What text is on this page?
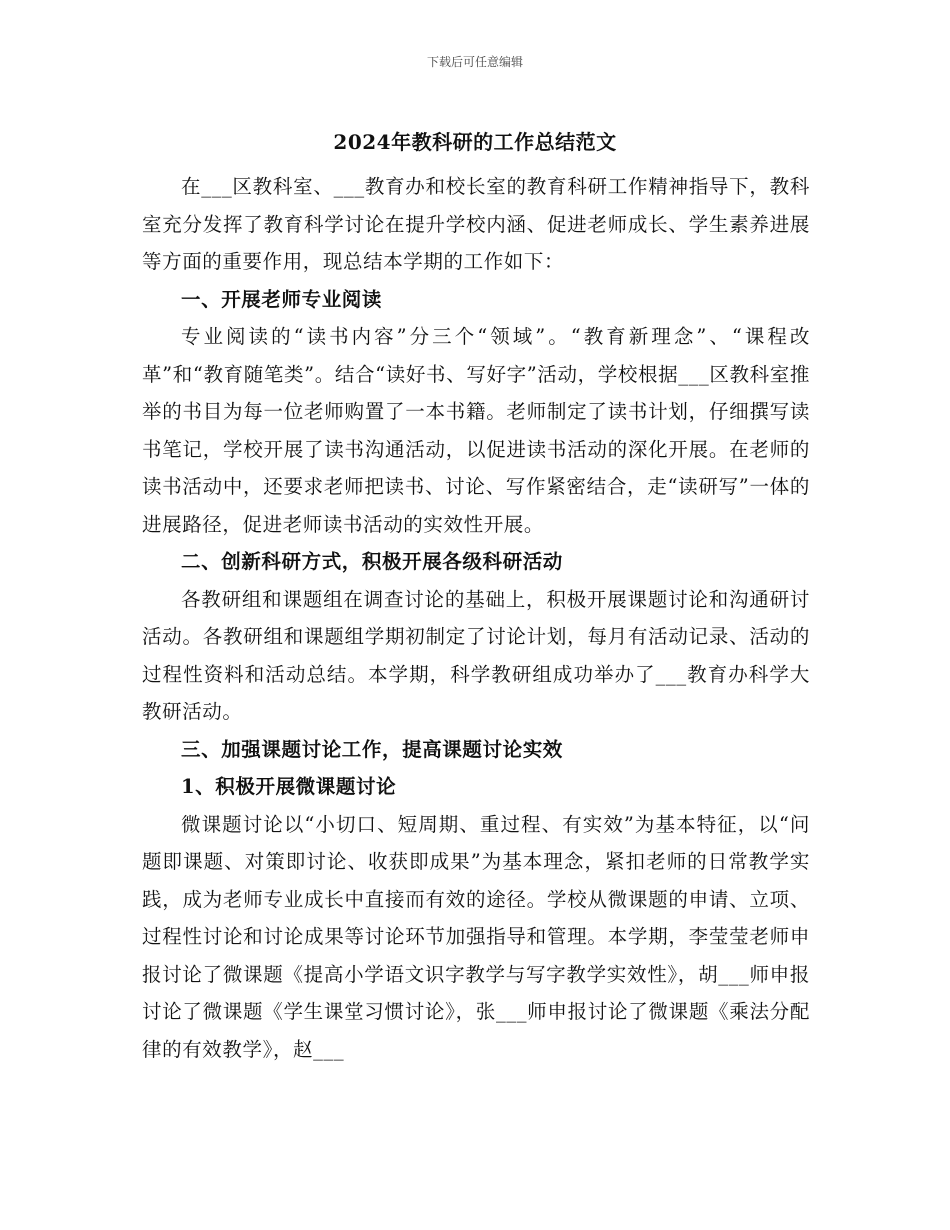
下载后可任意编辑
2024年教科研的工作总结范文

在___区教科室、___教育办和校长室的教育科研工作精神指导下，教科室充分发挥了教育科学讨论在提升学校内涵、促进老师成长、学生素养进展等方面的重要作用，现总结本学期的工作如下：

一、开展老师专业阅读

专业阅读的“读书内容”分三个“领域”。“教育新理念”、“课程改革”和“教育随笔类”。结合“读好书、写好字”活动，学校根据___区教科室推举的书目为每一位老师购置了一本书籍。老师制定了读书计划，仔细撰写读书笔记，学校开展了读书沟通活动，以促进读书活动的深化开展。在老师的读书活动中，还要求老师把读书、讨论、写作紧密结合，走“读研写”一体的进展路径，促进老师读书活动的实效性开展。

二、创新科研方式，积极开展各级科研活动

各教研组和课题组在调查讨论的基础上，积极开展课题讨论和沟通研讨活动。各教研组和课题组学期初制定了讨论计划，每月有活动记录、活动的过程性资料和活动总结。本学期，科学教研组成功举办了___教育办科学大教研活动。

三、加强课题讨论工作，提高课题讨论实效
1、积极开展微课题讨论

微课题讨论以“小切口、短周期、重过程、有实效”为基本特征，以“问题即课题、对策即讨论、收获即成果”为基本理念，紧扣老师的日常教学实践，成为老师专业成长中直接而有效的途径。学校从微课题的申请、立项、过程性讨论和讨论成果等讨论环节加强指导和管理。本学期，李莹莹老师申报讨论了微课题《提高小学语文识字教学与写字教学实效性》，胡___师申报讨论了微课题《学生课堂习惯讨论》，张___师申报讨论了微课题《乘法分配律的有效教学》，赵___
